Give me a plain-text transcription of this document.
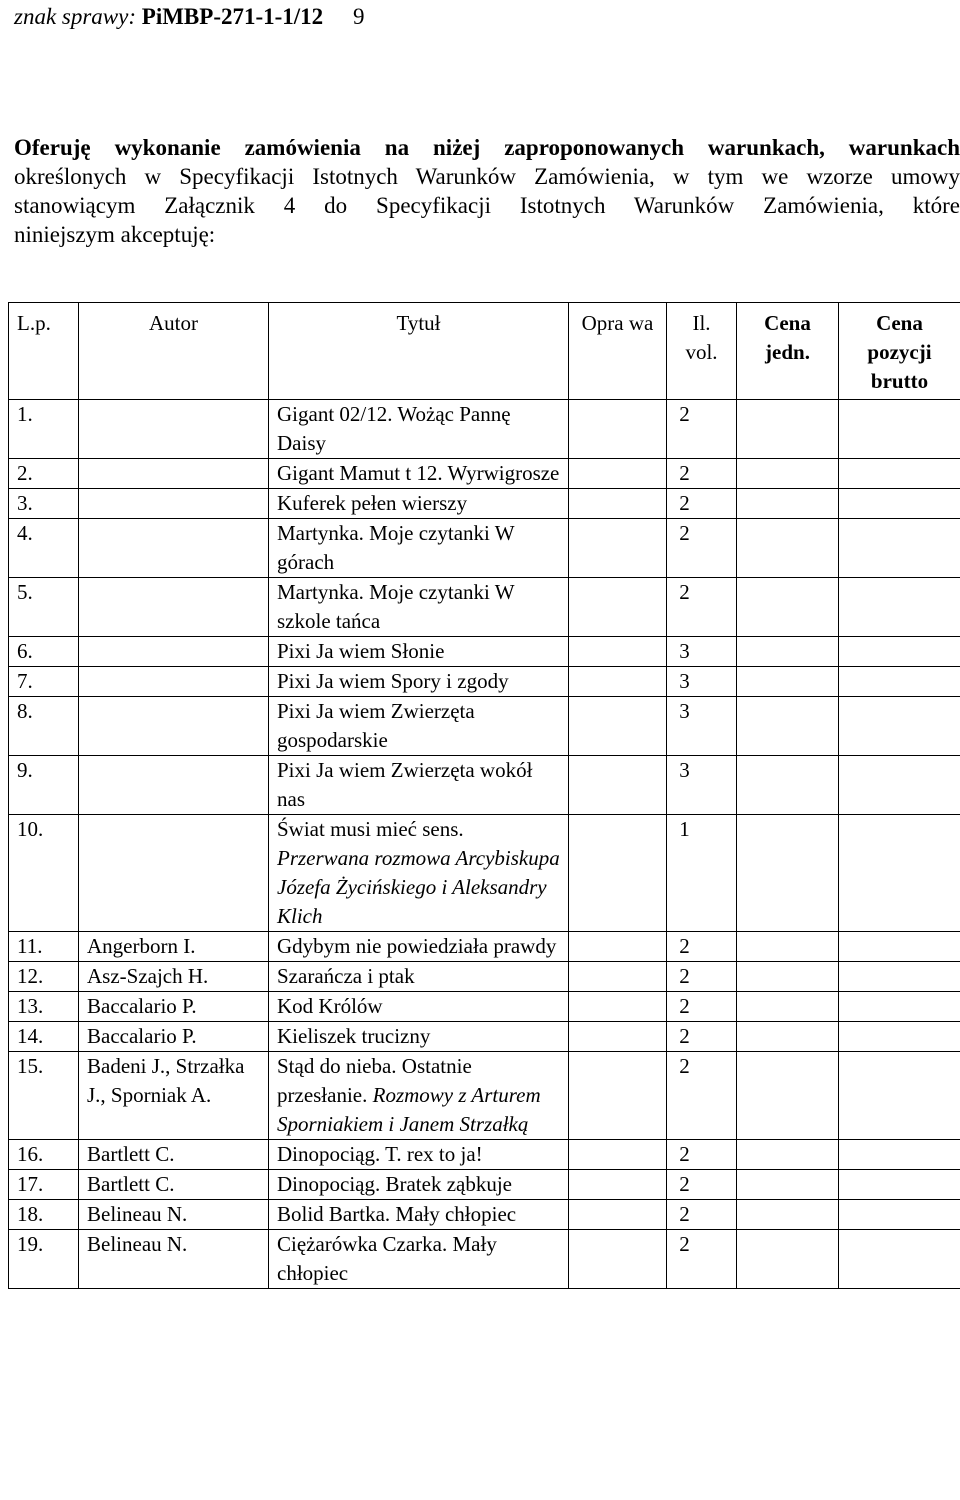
znak sprawy: PiMBP-271-1-1/12 9
Oferuję wykonanie zamówienia na niżej zaproponowanych warunkach, warunkach
określonych w Specyfikacji Istotnych Warunków Zamówienia, w tym we wzorze umowy
stanowiącym Załącznik 4 do Specyfikacji Istotnych Warunków Zamówienia, które
niniejszym akceptuję:
L.p.	Autor	Tytuł	Opra wa	Il. vol.	Cena jedn.	Cena pozycji brutto
1.		Gigant 02/12. Wożąc Pannę Daisy		2		
2.		Gigant Mamut t 12. Wyrwigrosze		2		
3.		Kuferek pełen wierszy		2		
4.		Martynka. Moje czytanki W górach		2		
5.		Martynka. Moje czytanki W szkole tańca		2		
6.		Pixi Ja wiem Słonie		3		
7.		Pixi Ja wiem Spory i zgody		3		
8.		Pixi Ja wiem Zwierzęta gospodarskie		3		
9.		Pixi Ja wiem Zwierzęta wokół nas		3		
10.		Świat musi mieć sens. Przerwana rozmowa Arcybiskupa Józefa Życińskiego i Aleksandry Klich		1		
11.	Angerborn I.	Gdybym nie powiedziała prawdy		2		
12.	Asz-Szajch H.	Szarańcza i ptak		2		
13.	Baccalario P.	Kod Królów		2		
14.	Baccalario P.	Kieliszek trucizny		2		
15.	Badeni J., Strzałka J., Sporniak A.	Stąd do nieba. Ostatnie przesłanie. Rozmowy z Arturem Sporniakiem i Janem Strzałką		2		
16.	Bartlett C.	Dinopociąg. T. rex to ja!		2		
17.	Bartlett C.	Dinopociąg. Bratek ząbkuje		2		
18.	Belineau N.	Bolid Bartka. Mały chłopiec		2		
19.	Belineau N.	Ciężarówka Czarka. Mały chłopiec		2		
